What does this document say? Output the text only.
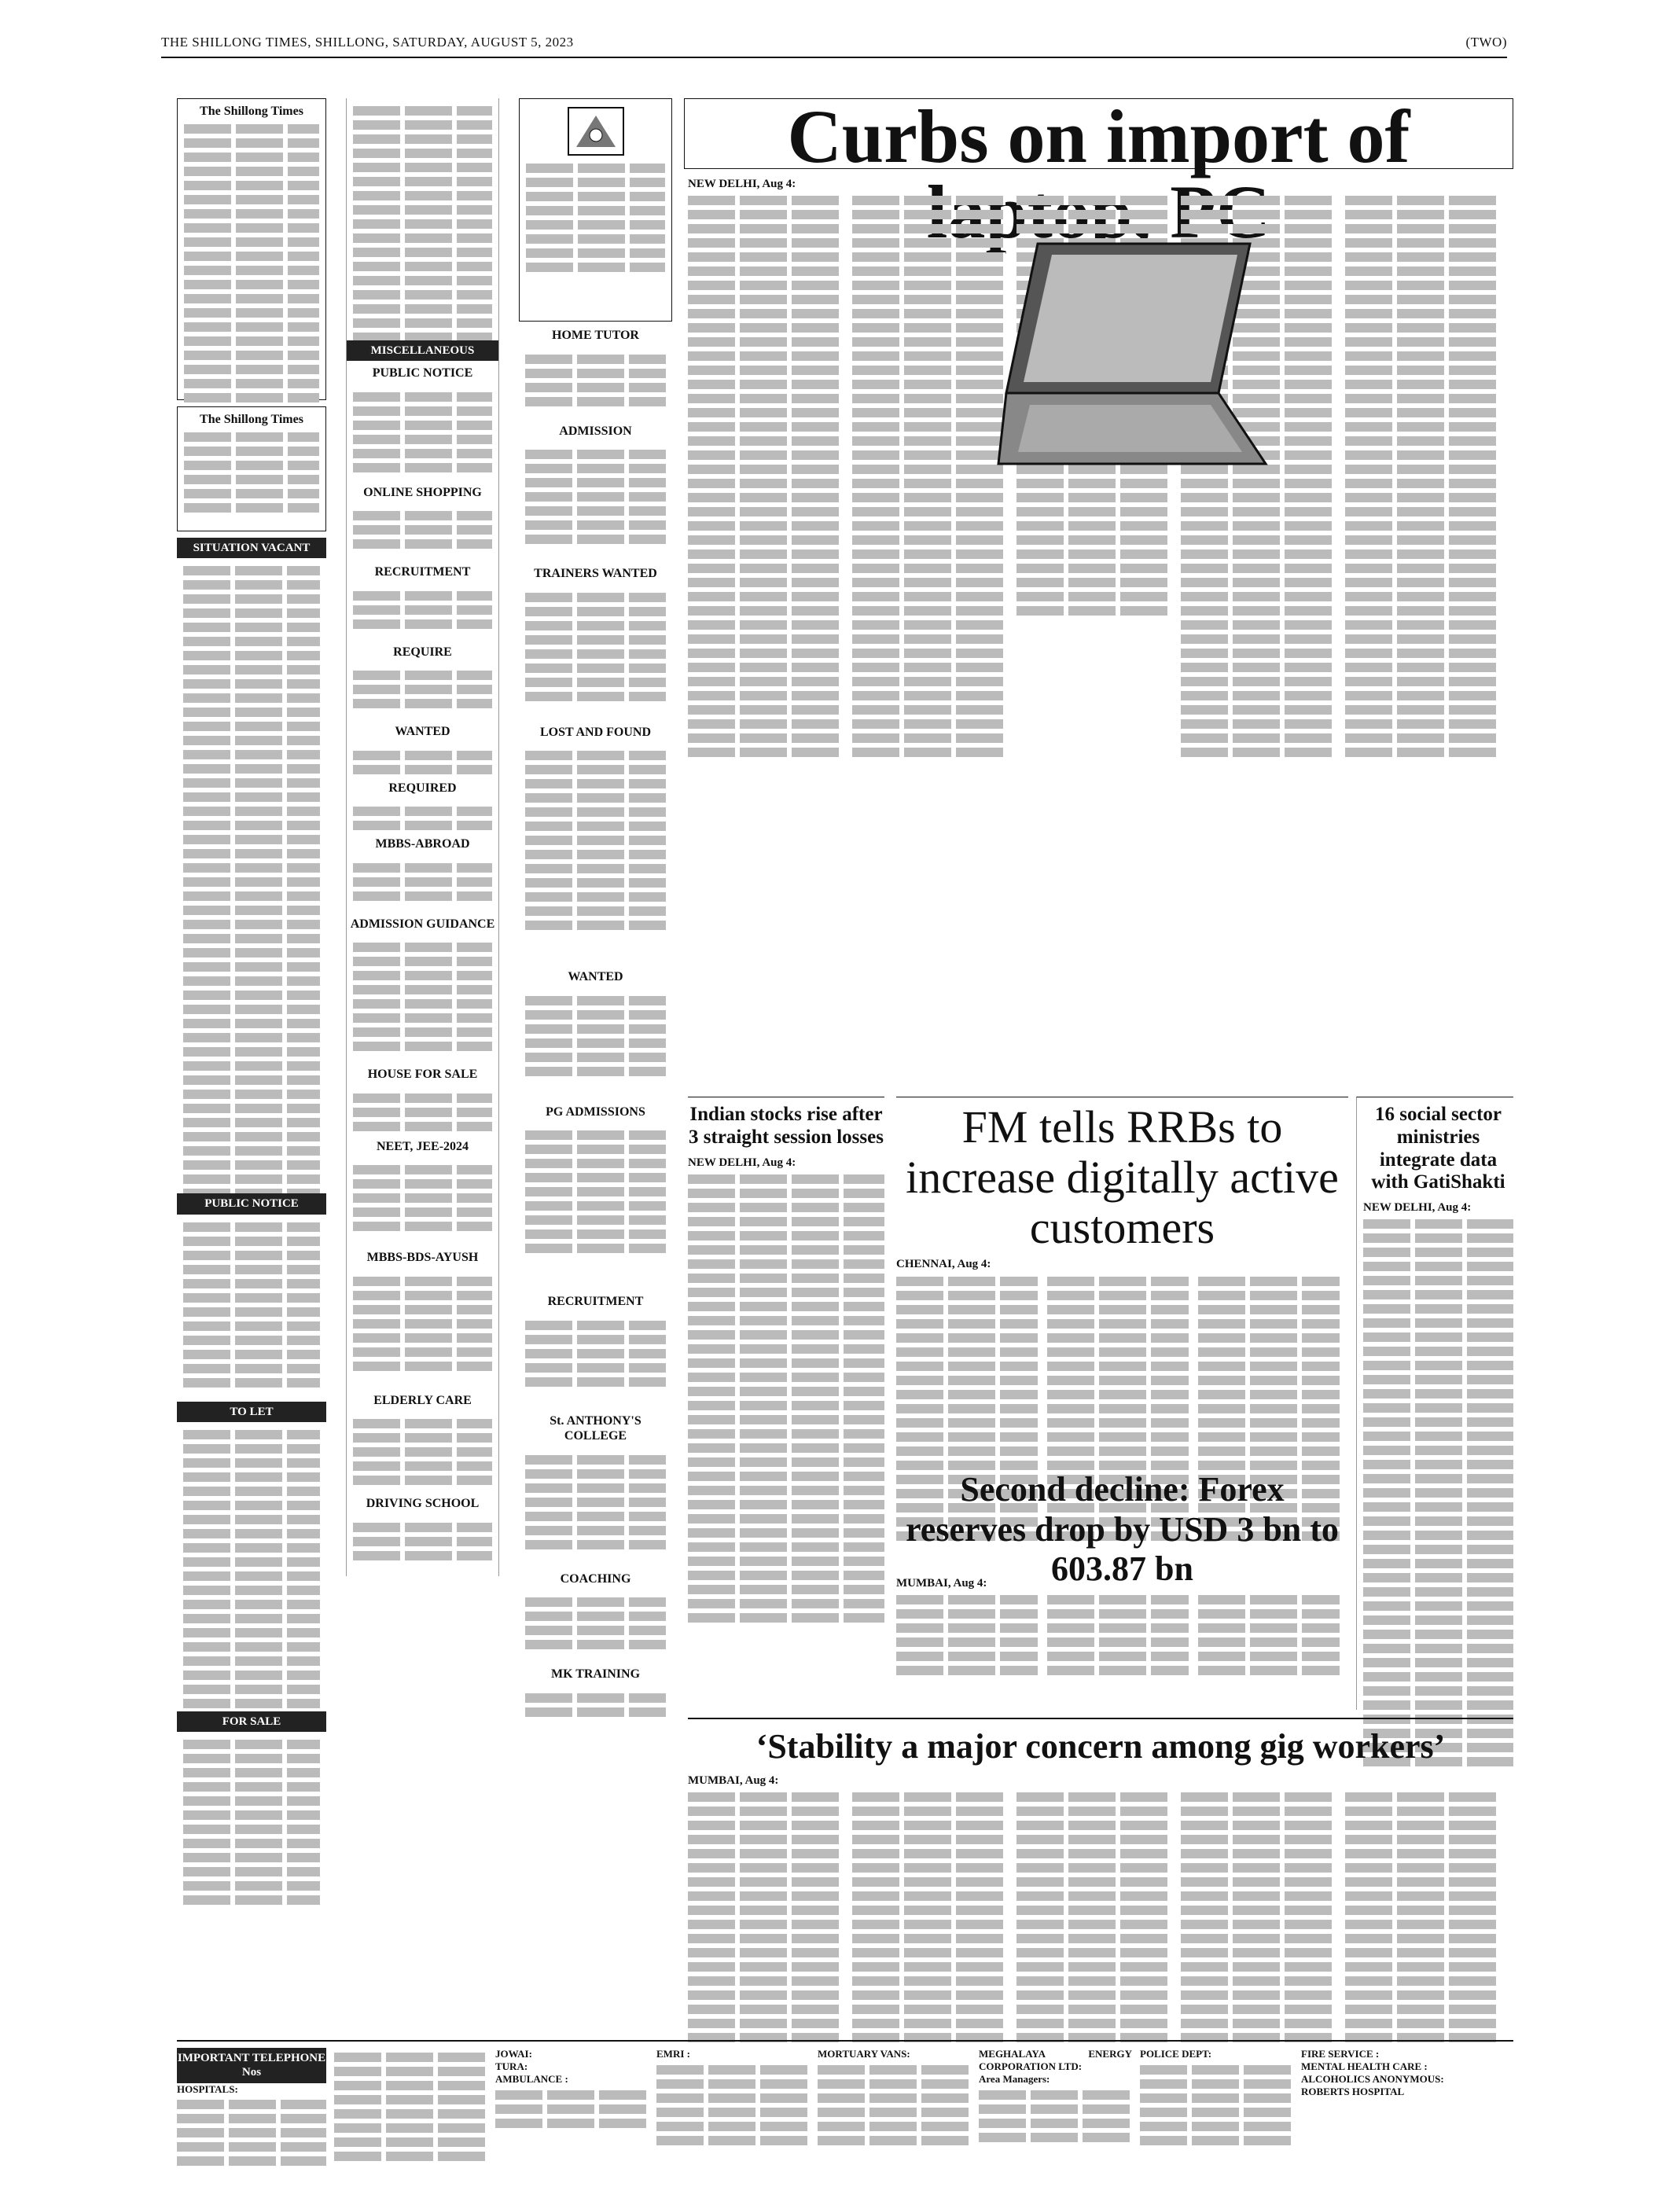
THE SHILLONG TIMES, SHILLONG, SATURDAY, AUGUST 5, 2023	(TWO)
The Shillong Times
The Shillong Times
SITUATION VACANT
PUBLIC NOTICE
TO LET
FOR SALE
MISCELLANEOUS
PUBLIC NOTICE
ONLINE SHOPPING
RECRUITMENT
REQUIRE
WANTED
REQUIRED
MBBS-ABROAD
ADMISSION GUIDANCE
HOUSE FOR SALE
NEET, JEE-2024
MBBS-BDS-AYUSH
ELDERLY CARE
DRIVING SCHOOL
HOME TUTOR
ADMISSION
TRAINERS WANTED
LOST AND FOUND
WANTED
PG ADMISSIONS
RECRUITMENT
St. ANTHONY'S COLLEGE
COACHING
MK TRAINING
Curbs on import of
NEW DELHI, Aug 4:
Indian stocks rise after 3 straight session losses
NEW DELHI, Aug 4:
FM tells RRBs to increase digitally active customers
CHENNAI, Aug 4:
Second decline: Forex reserves drop by USD 3 bn to 603.87 bn
MUMBAI, Aug 4:
16 social sector ministries integrate data with GatiShakti
NEW DELHI, Aug 4:
‘Stability a major concern among gig workers’
MUMBAI, Aug 4:
IMPORTANT TELEPHONE Nos
HOSPITALS:
JOWAI:
TURA:
AMBULANCE :
EMRI :	MORTUARY VANS:	MEGHALAYA ENERGY CORPORATION LTD:
Area Managers:
POLICE DEPT:	FIRE SERVICE :
MENTAL HEALTH CARE :
ALCOHOLICS ANONYMOUS:
ROBERTS HOSPITAL
